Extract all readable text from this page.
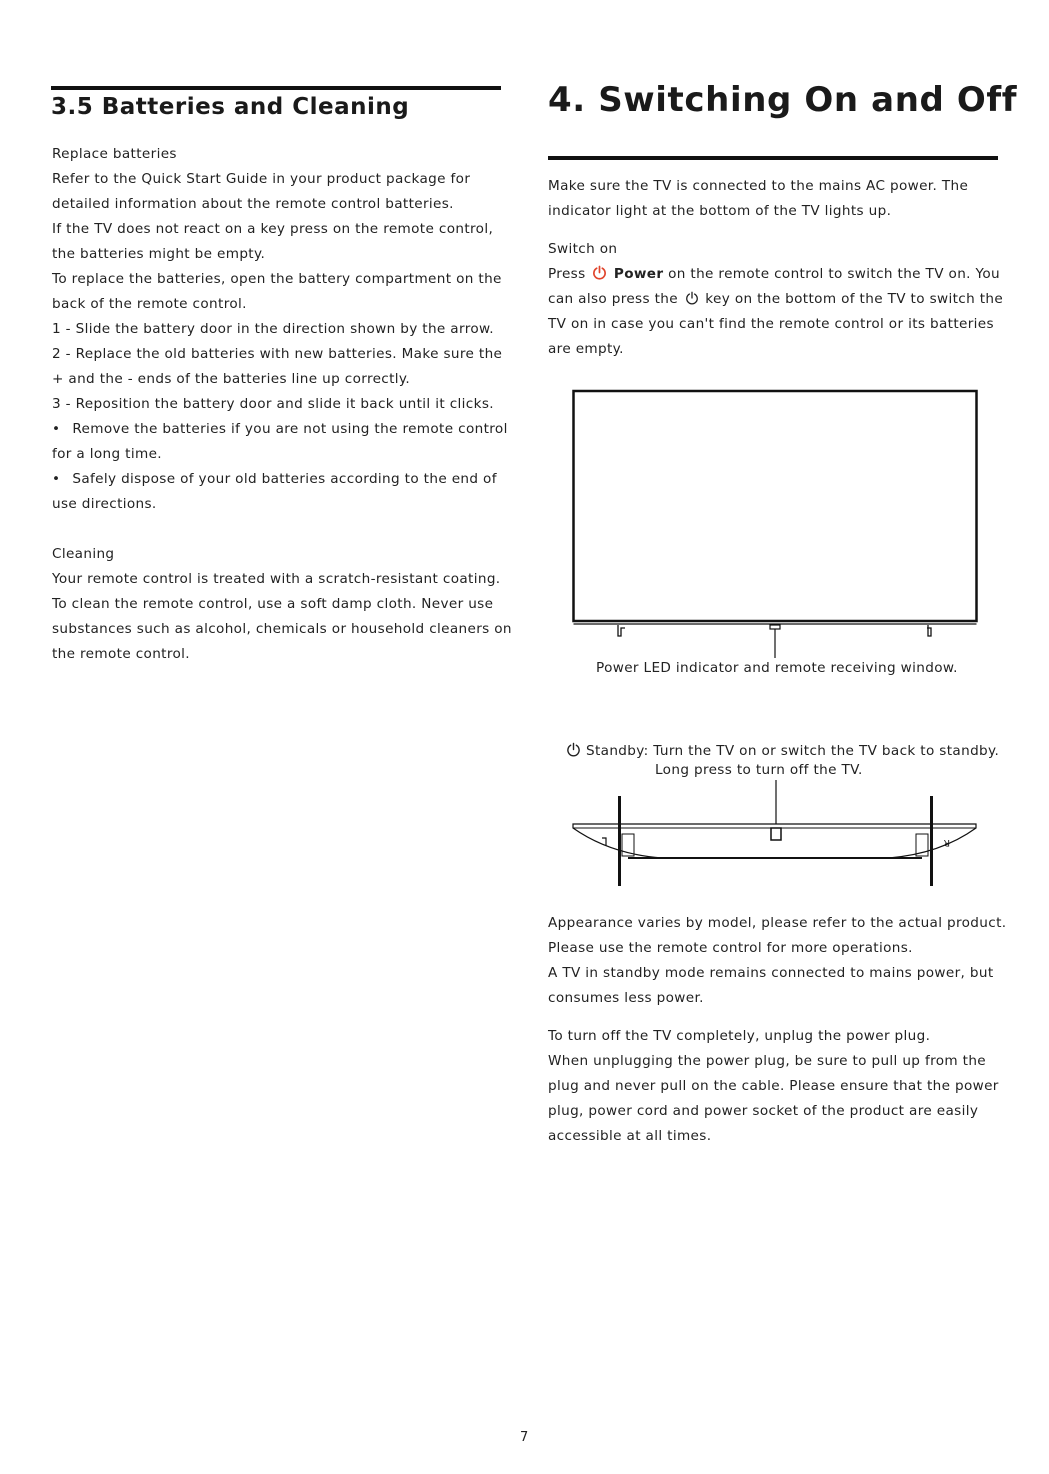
3.5 Batteries and Cleaning
Replace batteries
Refer to the Quick Start Guide in your product package for
detailed information about the remote control batteries.
If the TV does not react on a key press on the remote control,
the batteries might be empty.
To replace the batteries, open the battery compartment on the
back of the remote control.
1 - Slide the battery door in the direction shown by the arrow.
2 - Replace the old batteries with new batteries. Make sure the
+ and the - ends of the batteries line up correctly.
3 - Reposition the battery door and slide it back until it clicks.
• Remove the batteries if you are not using the remote control
for a long time.
• Safely dispose of your old batteries according to the end of
use directions.
Cleaning
Your remote control is treated with a scratch-resistant coating.
To clean the remote control, use a soft damp cloth. Never use
substances such as alcohol, chemicals or household cleaners on
the remote control.
4. Switching On and Off
Make sure the TV is connected to the mains AC power. The
indicator light at the bottom of the TV lights up.
Switch on
Press Power on the remote control to switch the TV on. You
can also press the key on the bottom of the TV to switch the
TV on in case you can't find the remote control or its batteries
are empty.
Power LED indicator and remote receiving window.
Standby: Turn the TV on or switch the TV back to standby.
Long press to turn off the TV.
R
Appearance varies by model, please refer to the actual product.
Please use the remote control for more operations.
A TV in standby mode remains connected to mains power, but
consumes less power.
To turn off the TV completely, unplug the power plug.
When unplugging the power plug, be sure to pull up from the
plug and never pull on the cable. Please ensure that the power
plug, power cord and power socket of the product are easily
accessible at all times.
7
